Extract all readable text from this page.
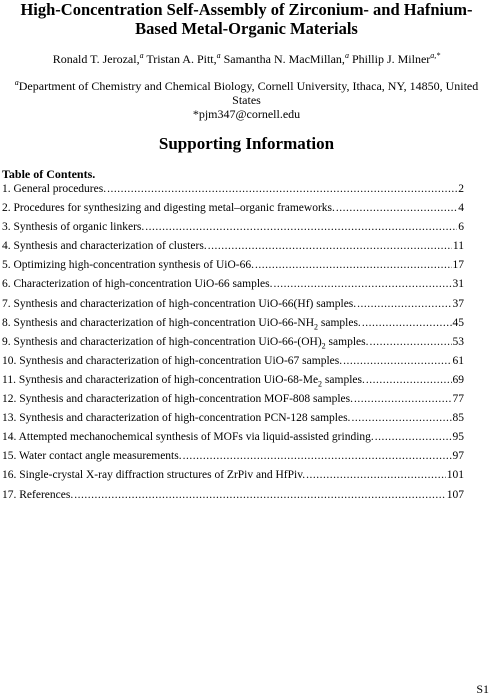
High-Concentration Self-Assembly of Zirconium- and Hafnium-
Based Metal-Organic Materials
Ronald T. Jerozal,$^a$ Tristan A. Pitt,$^a$ Samantha N. MacMillan,$^a$ Phillip J. Milner$^{a,*}$
$^a$Department of Chemistry and Chemical Biology, Cornell University, Ithaca, NY, 14850, United
States
*pjm347@cornell.edu
Supporting Information
Table of Contents.
1. General procedures. .....	2
2. Procedures for synthesizing and digesting metal–organic frameworks. .....	4
3. Synthesis of organic linkers. .....	6
4. Synthesis and characterization of clusters. .....	11
5. Optimizing high-concentration synthesis of UiO-66. .....	17
6. Characterization of high-concentration UiO-66 samples. .....	31
7. Synthesis and characterization of high-concentration UiO-66(Hf) samples. .....	37
8. Synthesis and characterization of high-concentration UiO-$66-NH_2$ samples. .....	45
9. Synthesis and characterization of high-concentration UiO-$66-(OH)_2$ samples. .....	53
10. Synthesis and characterization of high-concentration UiO-67 samples. .....	61
11. Synthesis and characterization of high-concentration UiO-$68-Me_2$ samples. .....	69
12. Synthesis and characterization of high-concentration MOF-808 samples. .....	77
13. Synthesis and characterization of high-concentration PCN-128 samples. .....	85
14. Attempted mechanochemical synthesis of MOFs via liquid-assisted grinding. .....	95
15. Water contact angle measurements. .....	97
16. Single-crystal X-ray diffraction structures of ZrPiv and HfPiv. .....	101
17. References. .....	107
S1
